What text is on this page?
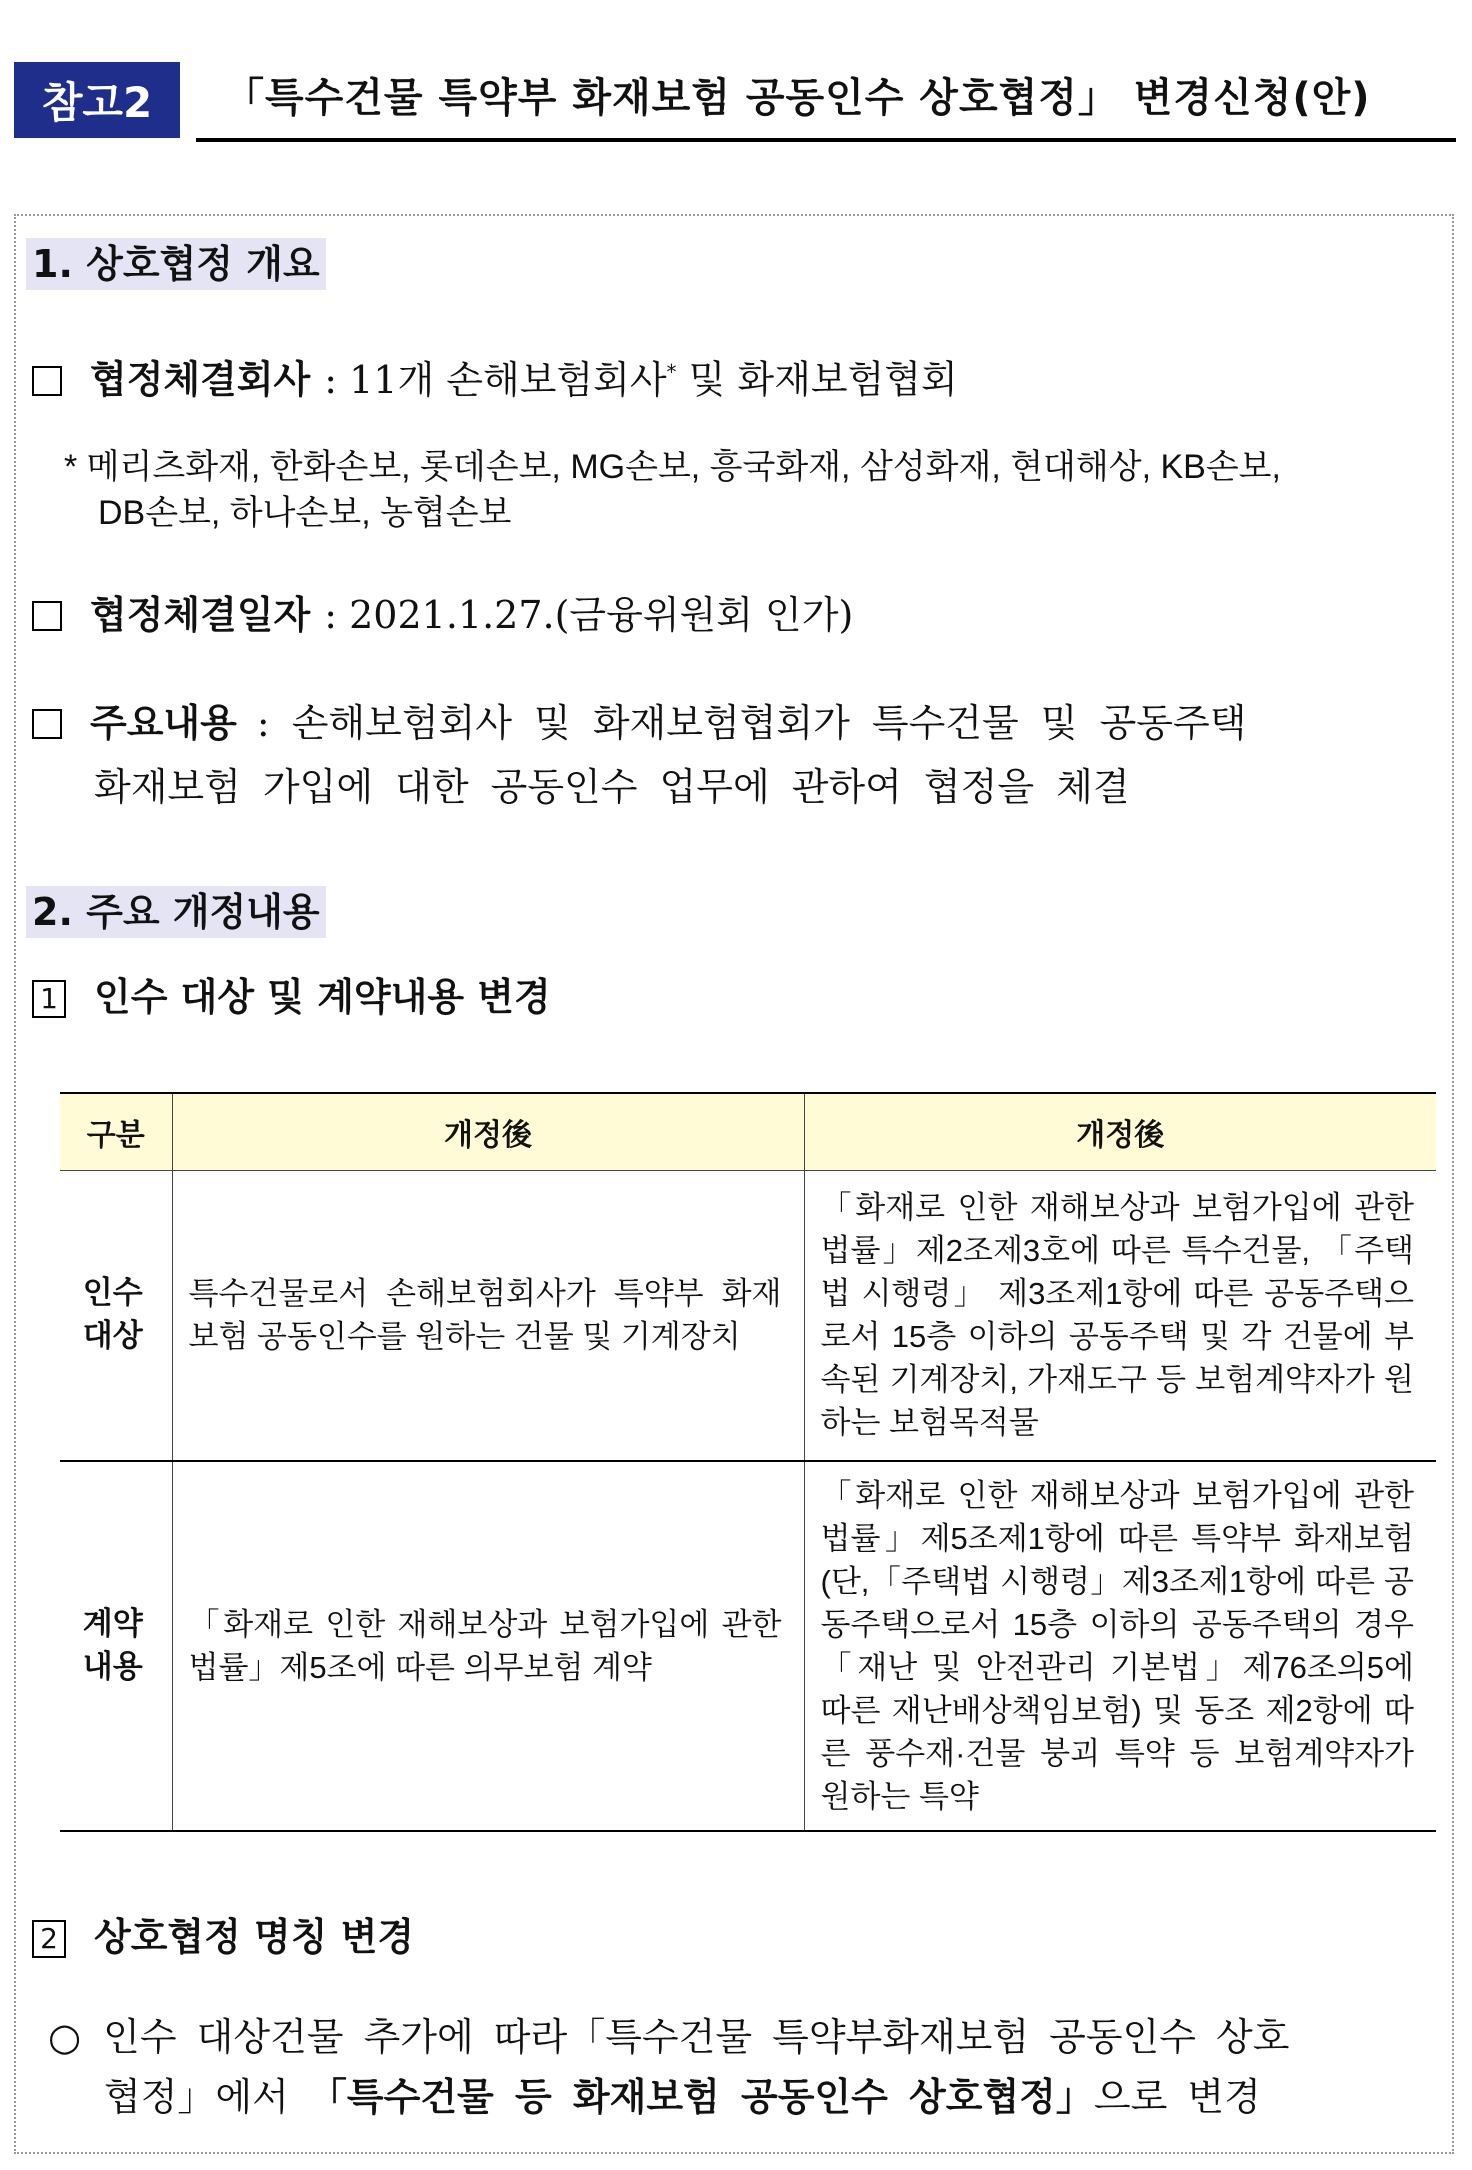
참고2	「특수건물 특약부 화재보험 공동인수 상호협정」 변경신청(안)
1. 상호협정 개요
협정체결회사 : 11개 손해보험회사* 및 화재보험협회
* 메리츠화재, 한화손보, 롯데손보, MG손보, 흥국화재, 삼성화재, 현대해상, KB손보,
DB손보, 하나손보, 농협손보
협정체결일자 : 2021.1.27.(금융위원회 인가)
주요내용 : 손해보험회사 및 화재보험협회가 특수건물 및 공동주택
화재보험 가입에 대한 공동인수 업무에 관하여 협정을 체결
2. 주요 개정내용
1 인수 대상 및 계약내용 변경
구분	개정後	개정後
인수
대상	특수건물로서 손해보험회사가 특약부 화재보험 공동인수를 원하는 건물 및 기계장치	「화재로 인한 재해보상과 보험가입에 관한 법률」제2조제3호에 따른 특수건물, 「주택법 시행령」 제3조제1항에 따른 공동주택으로서 15층 이하의 공동주택 및 각 건물에 부속된 기계장치, 가재도구 등 보험계약자가 원하는 보험목적물
계약
내용	「화재로 인한 재해보상과 보험가입에 관한 법률」제5조에 따른 의무보험 계약	「화재로 인한 재해보상과 보험가입에 관한 법률」제5조제1항에 따른 특약부 화재보험(단,「주택법 시행령」제3조제1항에 따른 공동주택으로서 15층 이하의 공동주택의 경우「재난 및 안전관리 기본법」제76조의5에 따른 재난배상책임보험) 및 동조 제2항에 따른 풍수재·건물 붕괴 특약 등 보험계약자가 원하는 특약
2 상호협정 명칭 변경
○ 인수 대상건물 추가에 따라「특수건물 특약부화재보험 공동인수 상호
협정」에서 「특수건물 등 화재보험 공동인수 상호협정」으로 변경
